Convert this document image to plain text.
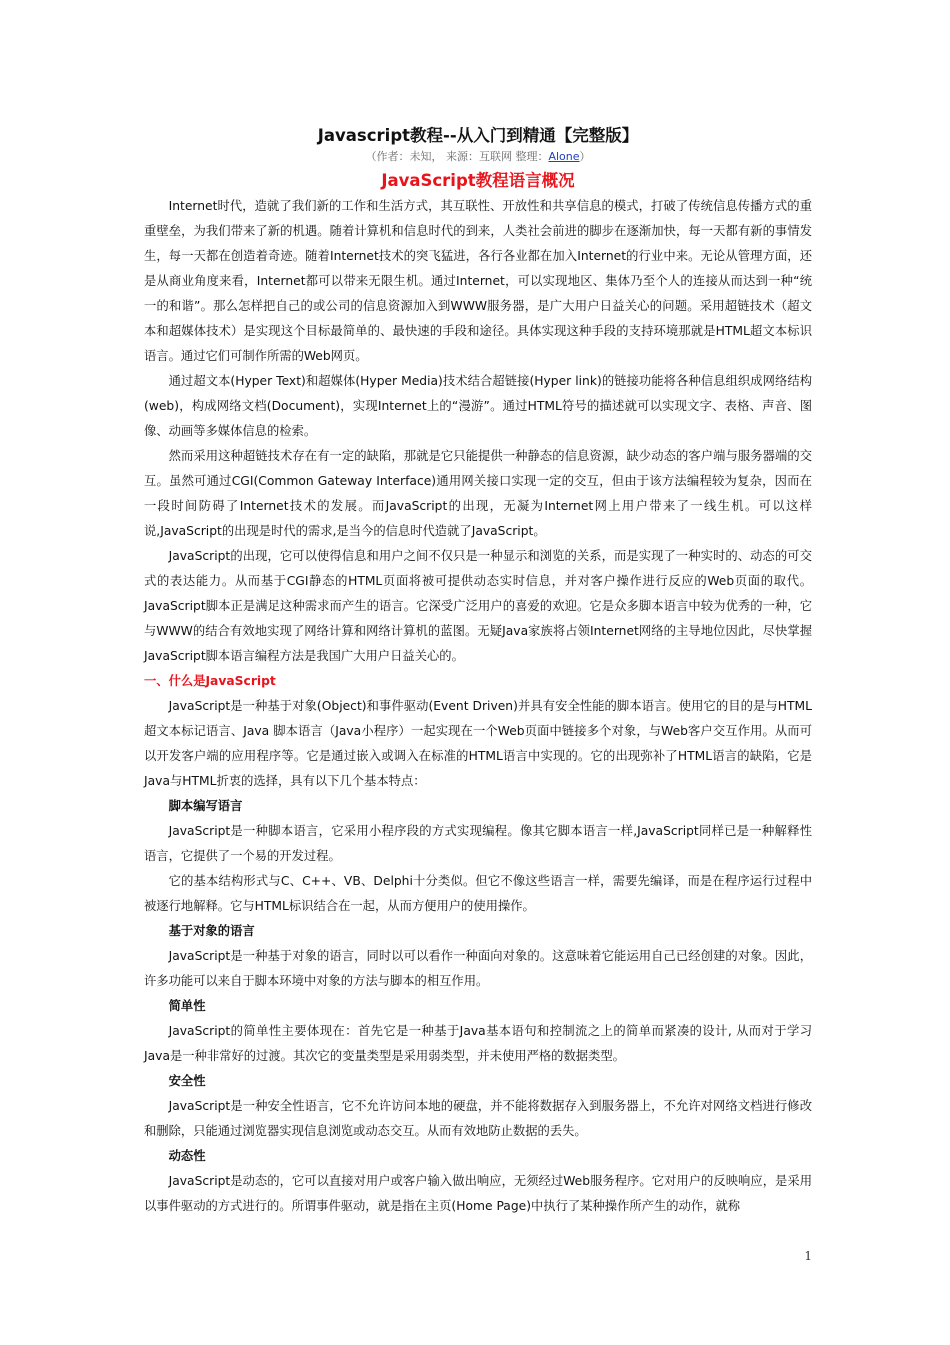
Javascript教程--从入门到精通【完整版】
（作者：未知， 来源：互联网 整理：Alone）
JavaScript教程语言概况

Internet时代，造就了我们新的工作和生活方式，其互联性、开放性和共享信息的模式，打破了传统信息传播方式的重重壁垒，为我们带来了新的机遇。随着计算机和信息时代的到来，人类社会前进的脚步在逐渐加快，每一天都有新的事情发生，每一天都在创造着奇迹。随着Internet技术的突飞猛进，各行各业都在加入Internet的行业中来。无论从管理方面，还是从商业角度来看，Internet都可以带来无限生机。通过Internet，可以实现地区、集体乃至个人的连接从而达到一种“统一的和谐”。那么怎样把自己的或公司的信息资源加入到WWW服务器，是广大用户日益关心的问题。采用超链技术（超文本和超媒体技术）是实现这个目标最简单的、最快速的手段和途径。具体实现这种手段的支持环境那就是HTML超文本标识语言。通过它们可制作所需的Web网页。

通过超文本(Hyper Text)和超媒体(Hyper Media)技术结合超链接(Hyper link)的链接功能将各种信息组织成网络结构(web)，构成网络文档(Document)，实现Internet上的“漫游”。通过HTML符号的描述就可以实现文字、表格、声音、图像、动画等多媒体信息的检索。

然而采用这种超链技术存在有一定的缺陷，那就是它只能提供一种静态的信息资源，缺少动态的客户端与服务器端的交互。虽然可通过CGI(Common Gateway Interface)通用网关接口实现一定的交互，但由于该方法编程较为复杂，因而在一段时间防碍了Internet技术的发展。而JavaScript的出现，无凝为Internet网上用户带来了一线生机。可以这样说,JavaScript的出现是时代的需求,是当今的信息时代造就了JavaScript。

JavaScript的出现，它可以使得信息和用户之间不仅只是一种显示和浏览的关系，而是实现了一种实时的、动态的可交式的表达能力。从而基于CGI静态的HTML页面将被可提供动态实时信息，并对客户操作进行反应的Web页面的取代。JavaScript脚本正是满足这种需求而产生的语言。它深受广泛用户的喜爱的欢迎。它是众多脚本语言中较为优秀的一种，它与WWW的结合有效地实现了网络计算和网络计算机的蓝图。无疑Java家族将占领Internet网络的主导地位因此，尽快掌握JavaScript脚本语言编程方法是我国广大用户日益关心的。

一、什么是JavaScript

JavaScript是一种基于对象(Object)和事件驱动(Event Driven)并具有安全性能的脚本语言。使用它的目的是与HTML超文本标记语言、Java 脚本语言（Java小程序）一起实现在一个Web页面中链接多个对象，与Web客户交互作用。从而可以开发客户端的应用程序等。它是通过嵌入或调入在标准的HTML语言中实现的。它的出现弥补了HTML语言的缺陷，它是Java与HTML折衷的选择，具有以下几个基本特点：

脚本编写语言

JavaScript是一种脚本语言，它采用小程序段的方式实现编程。像其它脚本语言一样,JavaScript同样已是一种解释性语言，它提供了一个易的开发过程。

它的基本结构形式与C、C++、VB、Delphi十分类似。但它不像这些语言一样，需要先编译，而是在程序运行过程中被逐行地解释。它与HTML标识结合在一起，从而方便用户的使用操作。

基于对象的语言

JavaScript是一种基于对象的语言，同时以可以看作一种面向对象的。这意味着它能运用自己已经创建的对象。因此，许多功能可以来自于脚本环境中对象的方法与脚本的相互作用。

简单性

JavaScript的简单性主要体现在：首先它是一种基于Java基本语句和控制流之上的简单而紧凑的设计, 从而对于学习Java是一种非常好的过渡。其次它的变量类型是采用弱类型，并未使用严格的数据类型。

安全性

JavaScript是一种安全性语言，它不允许访问本地的硬盘，并不能将数据存入到服务器上，不允许对网络文档进行修改和删除，只能通过浏览器实现信息浏览或动态交互。从而有效地防止数据的丢失。

动态性

JavaScript是动态的，它可以直接对用户或客户输入做出响应，无须经过Web服务程序。它对用户的反映响应，是采用以事件驱动的方式进行的。所谓事件驱动，就是指在主页(Home Page)中执行了某种操作所产生的动作，就称

1
